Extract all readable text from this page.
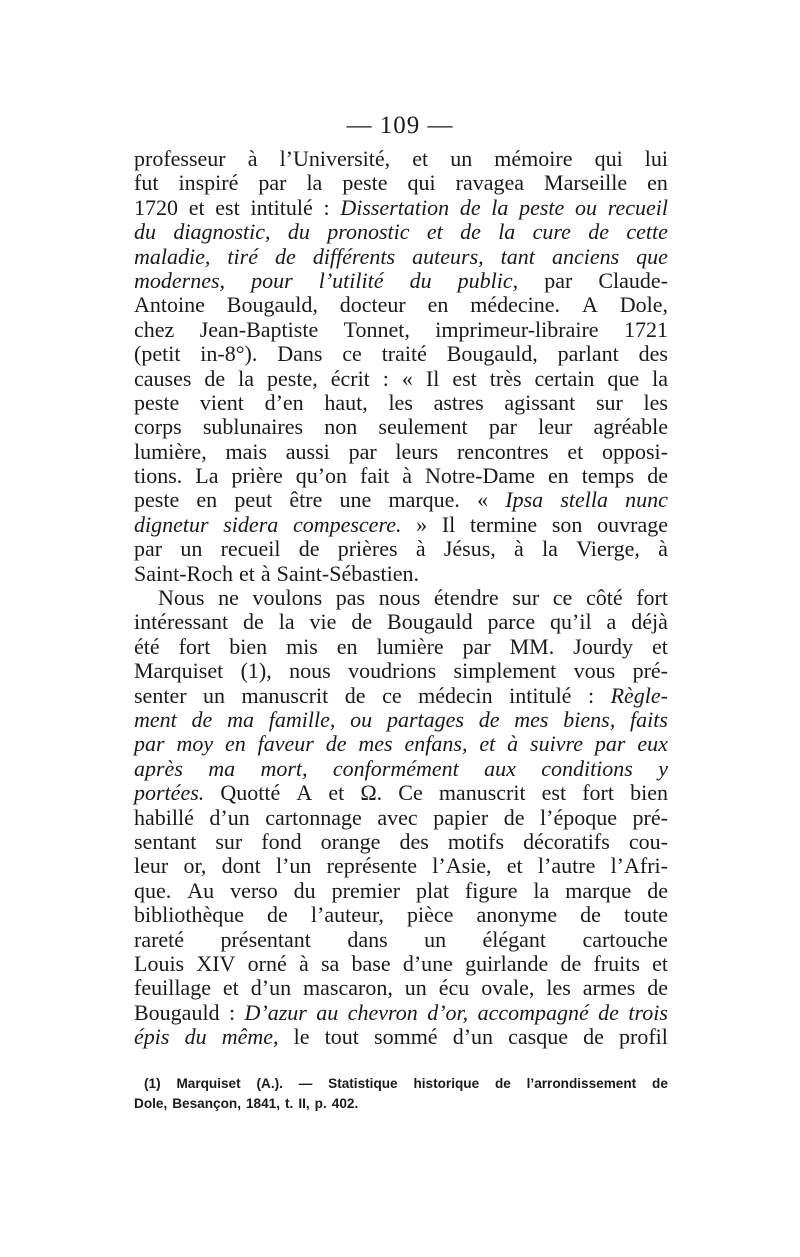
— 109 —
professeur à l’Université, et un mémoire qui lui
fut inspiré par la peste qui ravagea Marseille en
1720 et est intitulé : Dissertation de la peste ou recueil
du diagnostic, du pronostic et de la cure de cette
maladie, tiré de différents auteurs, tant anciens que
modernes, pour l’utilité du public, par Claude-
Antoine Bougauld, docteur en médecine. A Dole,
chez Jean-Baptiste Tonnet, imprimeur-libraire 1721
(petit in-8°). Dans ce traité Bougauld, parlant des
causes de la peste, écrit : « Il est très certain que la
peste vient d’en haut, les astres agissant sur les
corps sublunaires non seulement par leur agréable
lumière, mais aussi par leurs rencontres et opposi-
tions. La prière qu’on fait à Notre-Dame en temps de
peste en peut être une marque. « Ipsa stella nunc
dignetur sidera compescere. » Il termine son ouvrage
par un recueil de prières à Jésus, à la Vierge, à
Saint-Roch et à Saint-Sébastien.
Nous ne voulons pas nous étendre sur ce côté fort
intéressant de la vie de Bougauld parce qu’il a déjà
été fort bien mis en lumière par MM. Jourdy et
Marquiset (1), nous voudrions simplement vous pré-
senter un manuscrit de ce médecin intitulé : Règle-
ment de ma famille, ou partages de mes biens, faits
par moy en faveur de mes enfans, et à suivre par eux
après ma mort, conformément aux conditions y
portées. Quotté A et Ω. Ce manuscrit est fort bien
habillé d’un cartonnage avec papier de l’époque pré-
sentant sur fond orange des motifs décoratifs cou-
leur or, dont l’un représente l’Asie, et l’autre l’Afri-
que. Au verso du premier plat figure la marque de
bibliothèque de l’auteur, pièce anonyme de toute
rareté présentant dans un élégant cartouche
Louis XIV orné à sa base d’une guirlande de fruits et
feuillage et d’un mascaron, un écu ovale, les armes de
Bougauld : D’azur au chevron d’or, accompagné de trois
épis du même, le tout sommé d’un casque de profil
(1) Marquiset (A.). — Statistique historique de l’arrondissement de
Dole, Besançon, 1841, t. II, p. 402.
